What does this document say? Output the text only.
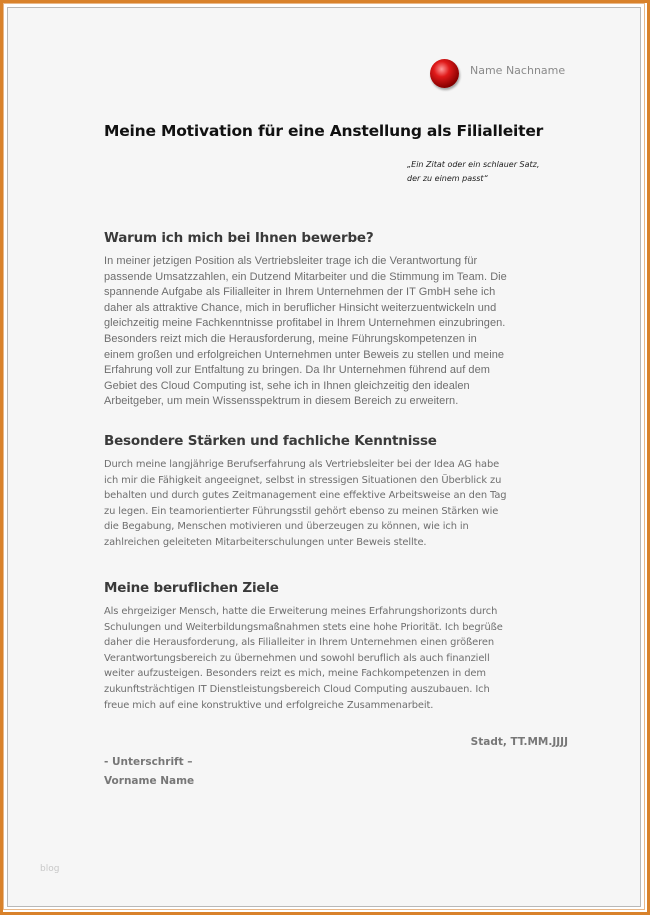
Name Nachname
Meine Motivation für eine Anstellung als Filialleiter
„Ein Zitat oder ein schlauer Satz,
der zu einem passt“
Warum ich mich bei Ihnen bewerbe?
In meiner jetzigen Position als Vertriebsleiter trage ich die Verantwortung für
passende Umsatzzahlen, ein Dutzend Mitarbeiter und die Stimmung im Team. Die
spannende Aufgabe als Filialleiter in Ihrem Unternehmen der IT GmbH sehe ich
daher als attraktive Chance, mich in beruflicher Hinsicht weiterzuentwickeln und
gleichzeitig meine Fachkenntnisse profitabel in Ihrem Unternehmen einzubringen.
Besonders reizt mich die Herausforderung, meine Führungskompetenzen in
einem großen und erfolgreichen Unternehmen unter Beweis zu stellen und meine
Erfahrung voll zur Entfaltung zu bringen. Da Ihr Unternehmen führend auf dem
Gebiet des Cloud Computing ist, sehe ich in Ihnen gleichzeitig den idealen
Arbeitgeber, um mein Wissensspektrum in diesem Bereich zu erweitern.
Besondere Stärken und fachliche Kenntnisse
Durch meine langjährige Berufserfahrung als Vertriebsleiter bei der Idea AG habe
ich mir die Fähigkeit angeeignet, selbst in stressigen Situationen den Überblick zu
behalten und durch gutes Zeitmanagement eine effektive Arbeitsweise an den Tag
zu legen. Ein teamorientierter Führungsstil gehört ebenso zu meinen Stärken wie
die Begabung, Menschen motivieren und überzeugen zu können, wie ich in
zahlreichen geleiteten Mitarbeiterschulungen unter Beweis stellte.
Meine beruflichen Ziele
Als ehrgeiziger Mensch, hatte die Erweiterung meines Erfahrungshorizonts durch
Schulungen und Weiterbildungsmaßnahmen stets eine hohe Priorität. Ich begrüße
daher die Herausforderung, als Filialleiter in Ihrem Unternehmen einen größeren
Verantwortungsbereich zu übernehmen und sowohl beruflich als auch finanziell
weiter aufzusteigen. Besonders reizt es mich, meine Fachkompetenzen in dem
zukunftsträchtigen IT Dienstleistungsbereich Cloud Computing auszubauen. Ich
freue mich auf eine konstruktive und erfolgreiche Zusammenarbeit.
Stadt, TT.MM.JJJJ
- Unterschrift –
Vorname Name
blog
